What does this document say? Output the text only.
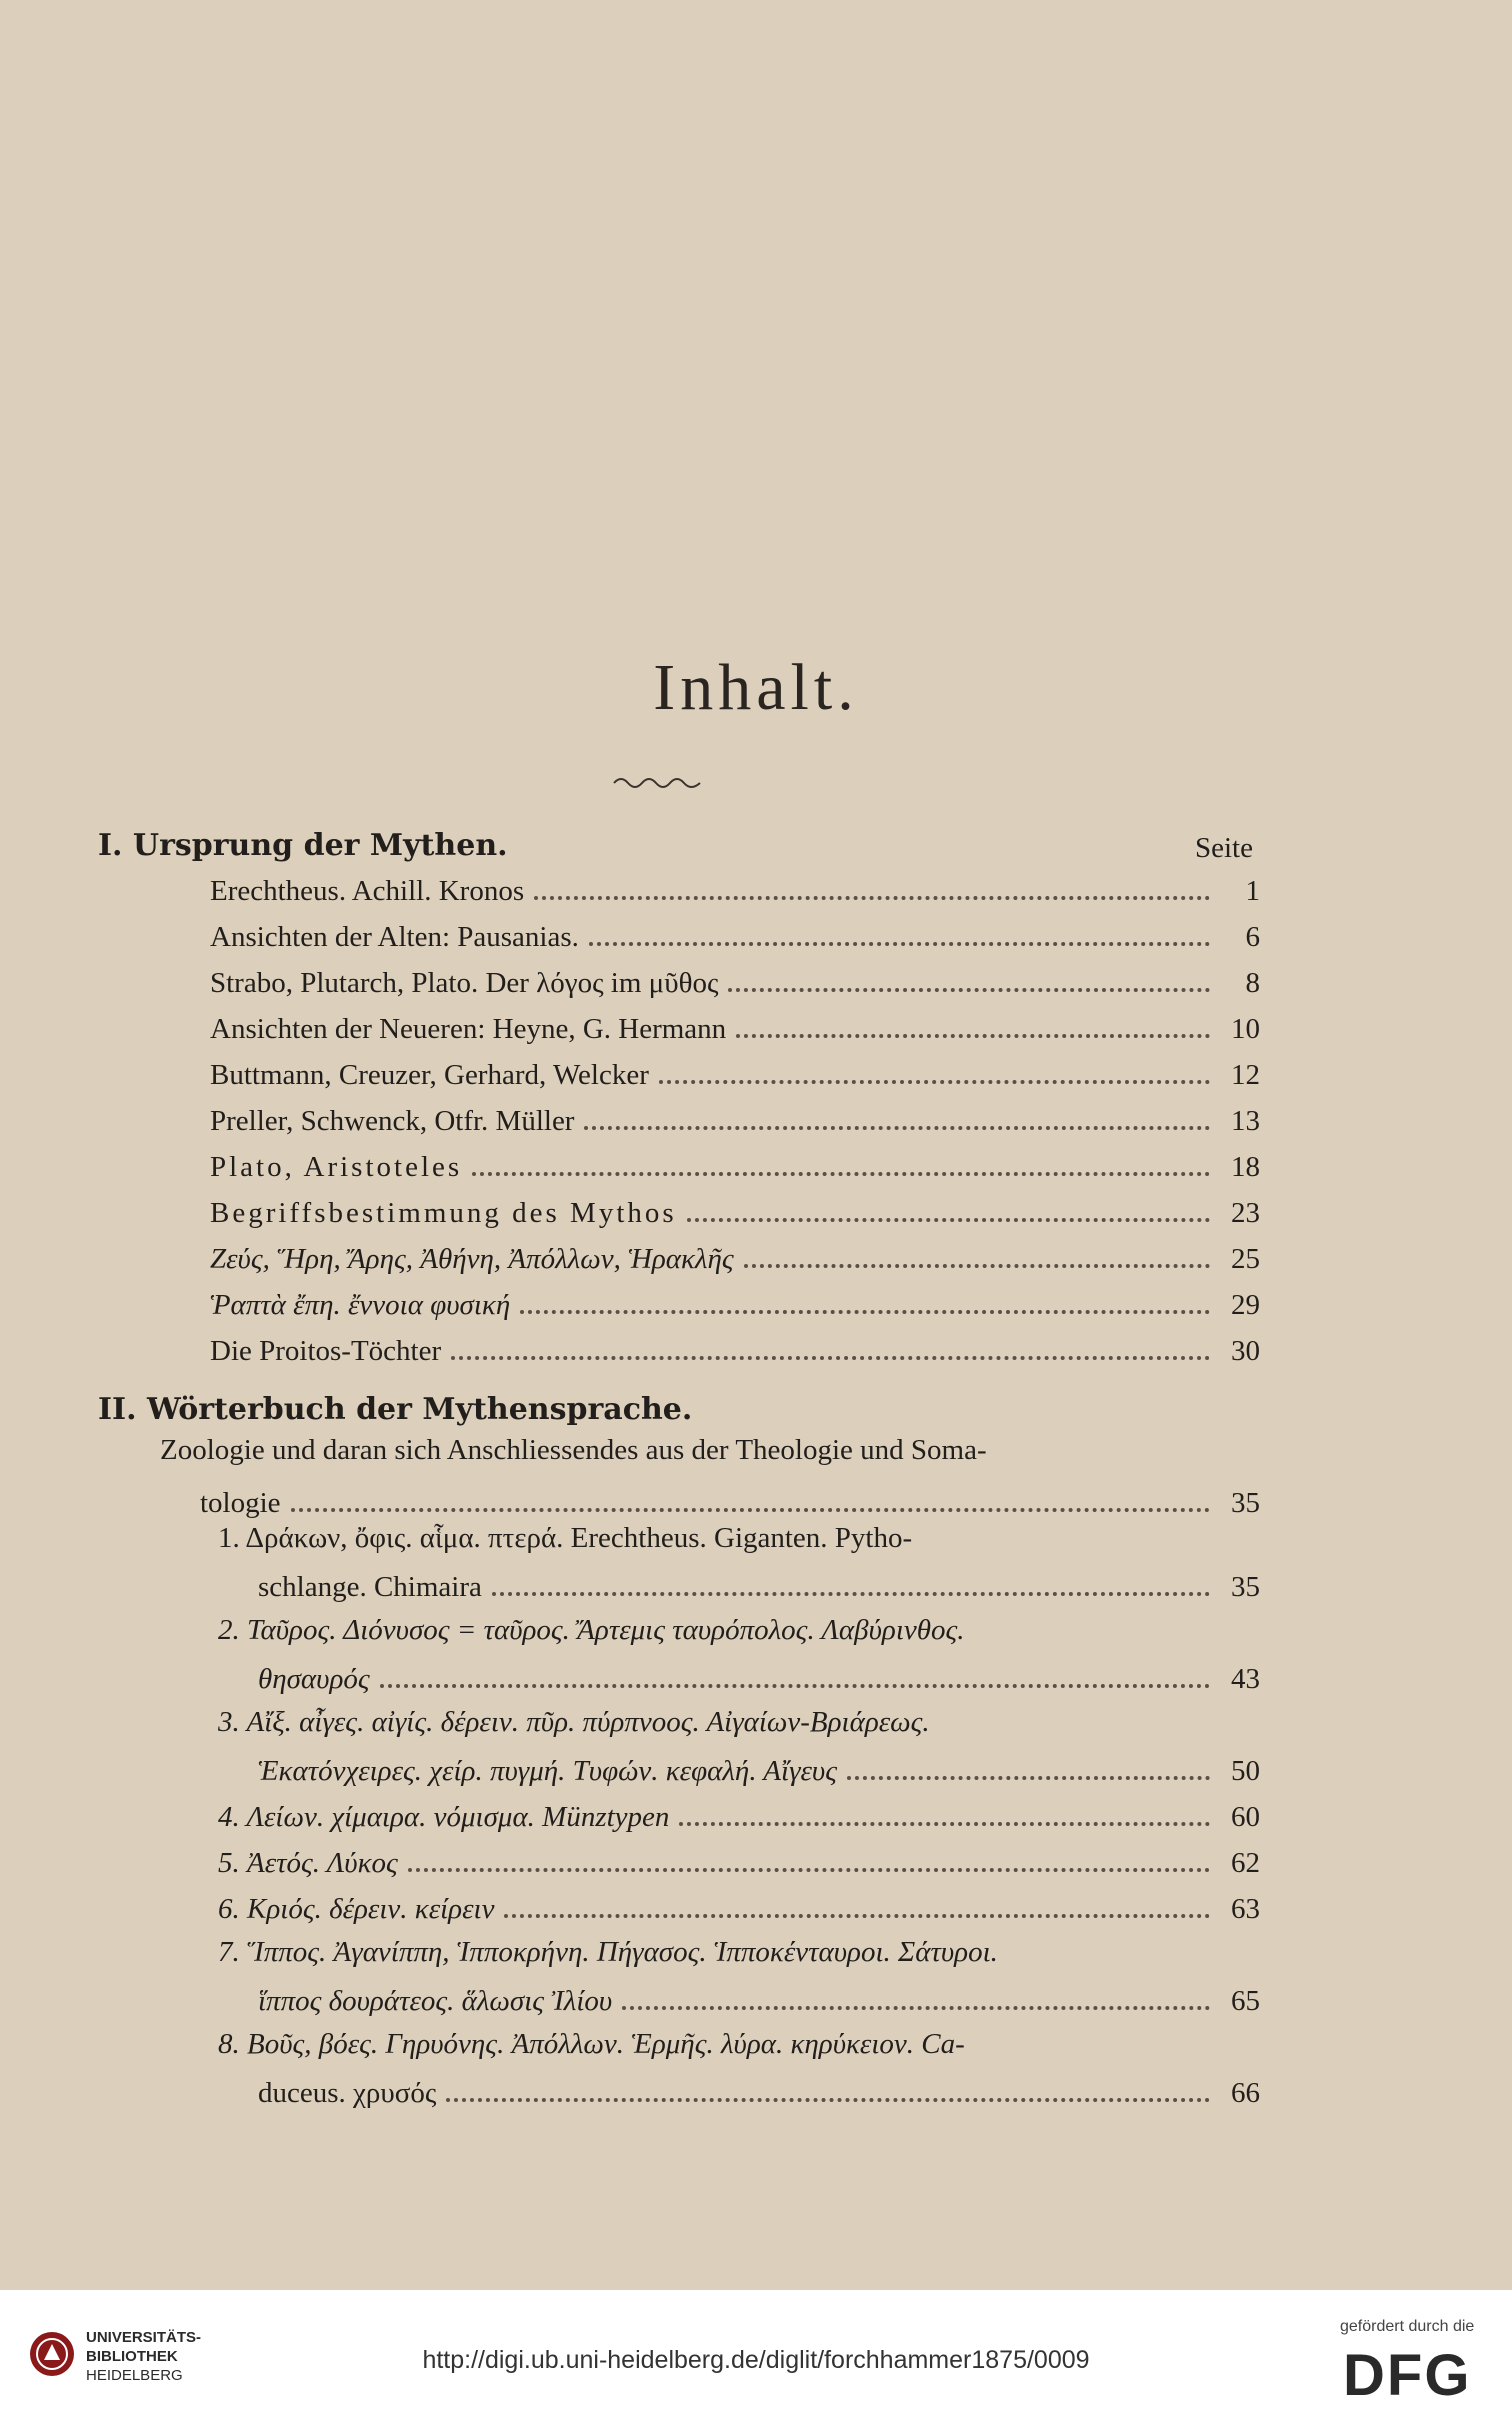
Inhalt.
I. Ursprung der Mythen.	Seite
Erechtheus. Achill. Kronos	1
Ansichten der Alten: Pausanias.	6
Strabo, Plutarch, Plato. Der λόγος im μῦθος	8
Ansichten der Neueren: Heyne, G. Hermann	10
Buttmann, Creuzer, Gerhard, Welcker	12
Preller, Schwenck, Otfr. Müller	13
Plato, Aristoteles	18
Begriffsbestimmung des Mythos	23
Ζεύς, Ἥρη, Ἄρης, Ἀθήνη, Ἀπόλλων, Ἡρακλῆς	25
Ῥαπτὰ ἔπη. ἔννοια φυσική	29
Die Proitos-Töchter	30
II. Wörterbuch der Mythensprache.
Zoologie und daran sich Anschliessendes aus der Theologie und Soma-
tologie	35
1. Δράκων, ὄφις. αἷμα. πτερά. Erechtheus. Giganten. Pytho-
schlange. Chimaira	35
2. Ταῦρος. Διόνυσος = ταῦρος. Ἄρτεμις ταυρόπολος. Λαβύρινθος.
θησαυρός	43
3. Αἴξ. αἶγες. αἰγίς. δέρειν. πῦρ. πύρπνοος. Αἰγαίων-Βριάρεως.
Ἑκατόνχειρες. χείρ. πυγμή. Τυφών. κεφαλή. Αἴγευς	50
4. Λείων. χίμαιρα. νόμισμα. Münztypen	60
5. Ἀετός. Λύκος	62
6. Κριός. δέρειν. κείρειν	63
7. Ἵππος. Ἀγανίππη, Ἱπποκρήνη. Πήγασος. Ἱπποκένταυροι. Σάτυροι.
ἵππος δουράτεος. ἅλωσις Ἰλίου	65
8. Βοῦς, βόες. Γηρυόνης. Ἀπόλλων. Ἑρμῆς. λύρα. κηρύκειον. Ca-
duceus. χρυσός	66
UNIVERSITÄTS-
BIBLIOTHEK
HEIDELBERG
http://digi.ub.uni-heidelberg.de/diglit/forchhammer1875/0009
gefördert durch die
DFG
